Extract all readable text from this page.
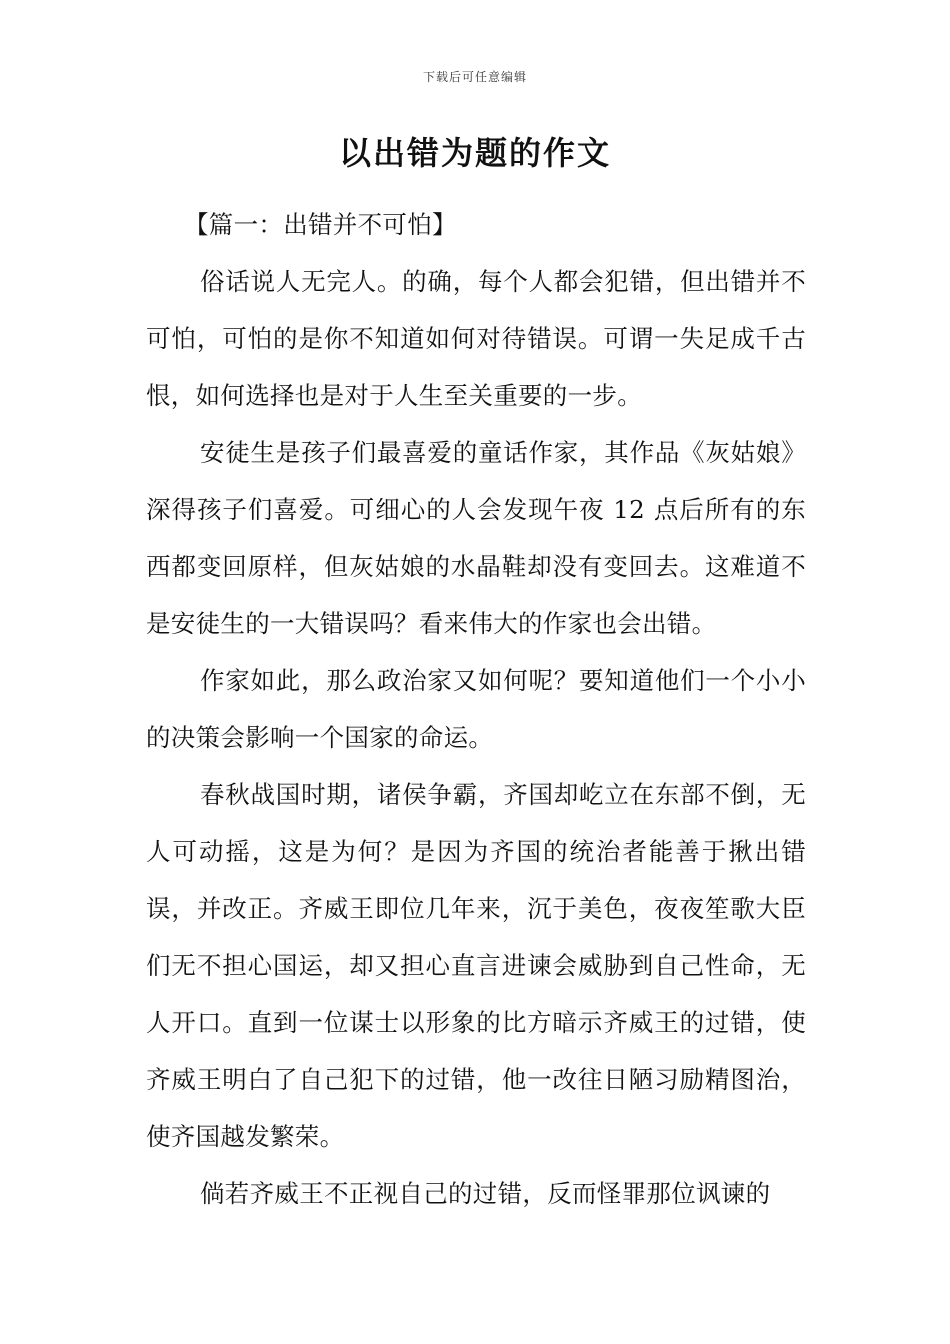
下载后可任意编辑
以出错为题的作文

【篇一：出错并不可怕】

俗话说人无完人。的确，每个人都会犯错，但出错并不可怕，可怕的是你不知道如何对待错误。可谓一失足成千古恨，如何选择也是对于人生至关重要的一步。

安徒生是孩子们最喜爱的童话作家，其作品《灰姑娘》深得孩子们喜爱。可细心的人会发现午夜 12 点后所有的东西都变回原样，但灰姑娘的水晶鞋却没有变回去。这难道不是安徒生的一大错误吗？看来伟大的作家也会出错。

作家如此，那么政治家又如何呢？要知道他们一个小小的决策会影响一个国家的命运。

春秋战国时期，诸侯争霸，齐国却屹立在东部不倒，无人可动摇，这是为何？是因为齐国的统治者能善于揪出错误，并改正。齐威王即位几年来，沉于美色，夜夜笙歌大臣们无不担心国运，却又担心直言进谏会威胁到自己性命，无人开口。直到一位谋士以形象的比方暗示齐威王的过错，使齐威王明白了自己犯下的过错，他一改往日陋习励精图治，使齐国越发繁荣。

倘若齐威王不正视自己的过错，反而怪罪那位讽谏的
